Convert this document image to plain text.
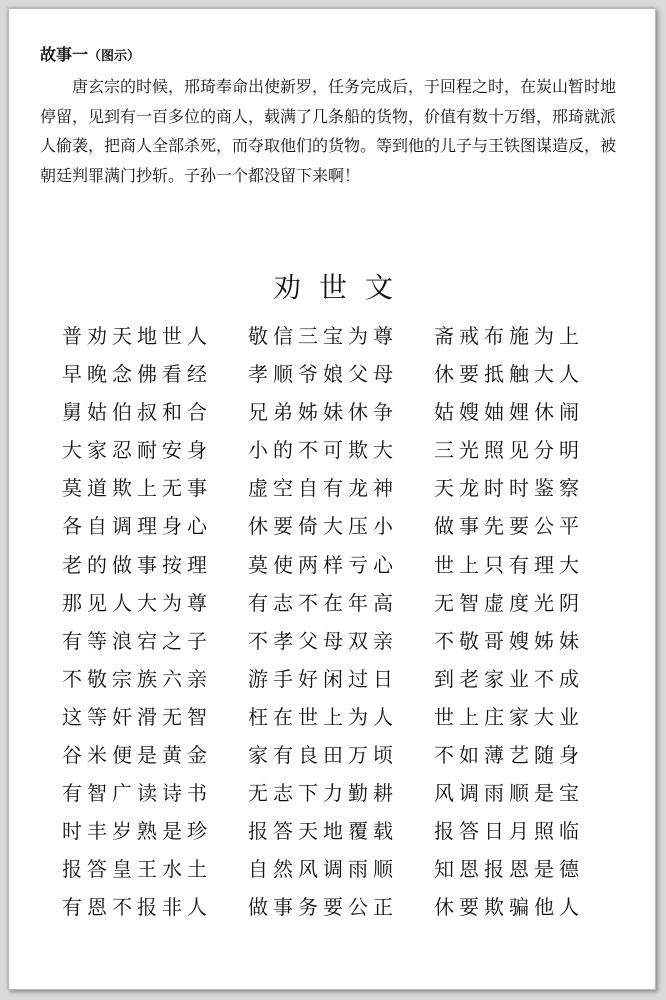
故事一（图示）

唐玄宗的时候，邢琦奉命出使新罗，任务完成后，于回程之时，在炭山暂时地停留，见到有一百多位的商人，载满了几条船的货物，价值有数十万缗，邢琦就派人偷袭，把商人全部杀死，而夺取他们的货物。等到他的儿子与王铁图谋造反，被朝廷判罪满门抄斩。子孙一个都没留下来啊！

劝世文
普劝天地世人	敬信三宝为尊	斋戒布施为上
早晚念佛看经	孝顺爷娘父母	休要抵触大人
舅姑伯叔和合	兄弟姊妹休争	姑嫂妯娌休闹
大家忍耐安身	小的不可欺大	三光照见分明
莫道欺上无事	虚空自有龙神	天龙时时鉴察
各自调理身心	休要倚大压小	做事先要公平
老的做事按理	莫使两样亏心	世上只有理大
那见人大为尊	有志不在年高	无智虚度光阴
有等浪宕之子	不孝父母双亲	不敬哥嫂姊妹
不敬宗族六亲	游手好闲过日	到老家业不成
这等奸滑无智	枉在世上为人	世上庄家大业
谷米便是黄金	家有良田万顷	不如薄艺随身
有智广读诗书	无志下力勤耕	风调雨顺是宝
时丰岁熟是珍	报答天地覆载	报答日月照临
报答皇王水土	自然风调雨顺	知恩报恩是德
有恩不报非人	做事务要公正	休要欺骗他人
